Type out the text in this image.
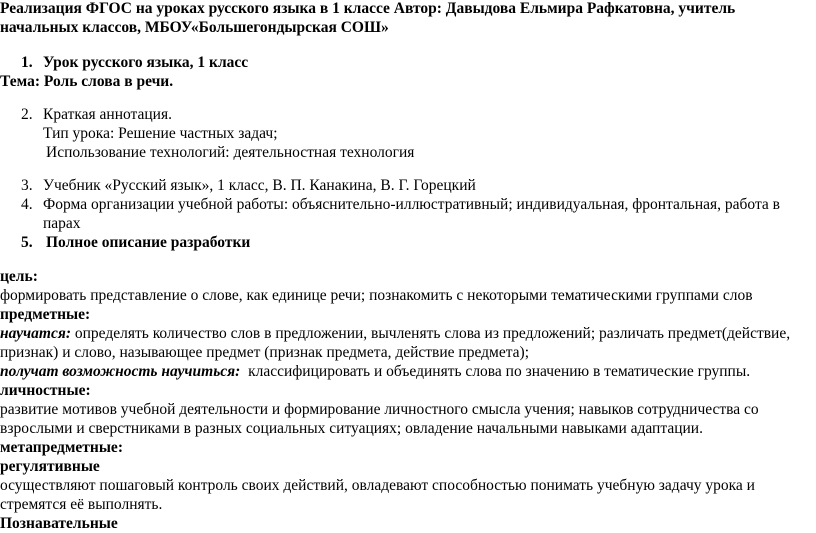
Реализация ФГОС на уроках русского языка в 1 классе Автор: Давыдова Ельмира Рафкатовна, учитель
начальных классов, МБОУ«Большегондырская СОШ»
1. Урок русского языка, 1 класс
Тема: Роль слова в речи.
2. Краткая аннотация.
Тип урока: Решение частных задач;
Использование технологий: деятельностная технология
3. Учебник «Русский язык», 1 класс, В. П. Канакина, В. Г. Горецкий
4. Форма организации учебной работы: объяснительно-иллюстративный; индивидуальная, фронтальная, работа в
парах
5. Полное описание разработки
цель:
формировать представление о слове, как единице речи; познакомить с некоторыми тематическими группами слов
предметные:
научатся: определять количество слов в предложении, вычленять слова из предложений; различать предмет(действие,
признак) и слово, называющее предмет (признак предмета, действие предмета);
получат возможность научиться: классифицировать и объединять слова по значению в тематические группы.
личностные:
развитие мотивов учебной деятельности и формирование личностного смысла учения; навыков сотрудничества со
взрослыми и сверстниками в разных социальных ситуациях; овладение начальными навыками адаптации.
метапредметные:
регулятивные
осуществляют пошаговый контроль своих действий, овладевают способностью понимать учебную задачу урока и
стремятся её выполнять.
Познавательные
